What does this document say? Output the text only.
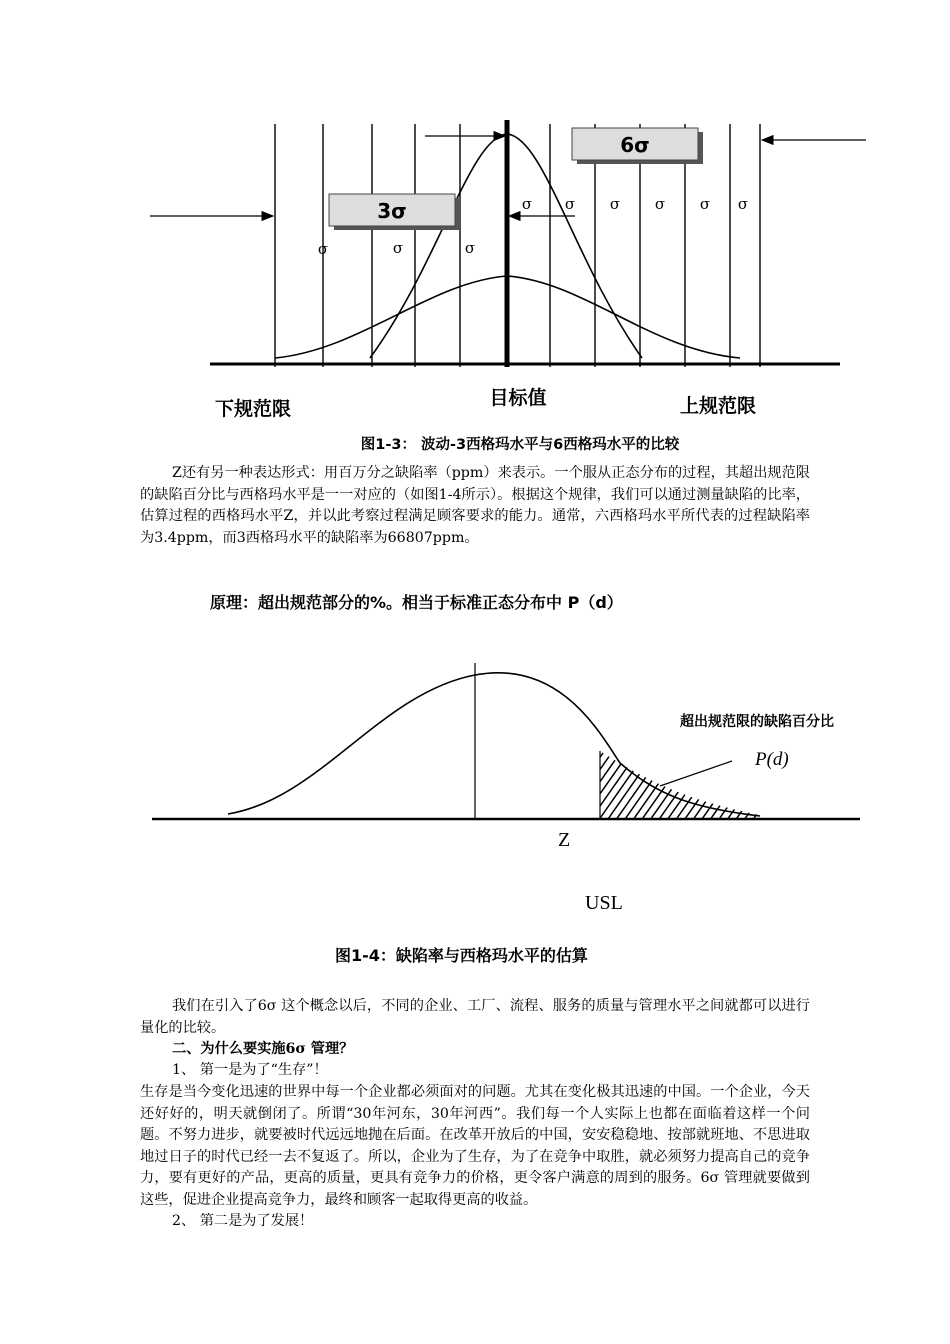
3σ
6σ
σ	σ	σ
σ σ σ σ σ σ
下规范限	目标值	上规范限
图1-3： 波动-3西格玛水平与6西格玛水平的比较

Z还有另一种表达形式：用百万分之缺陷率（ppm）来表示。一个服从正态分布的过程，其超出规范限的缺陷百分比与西格玛水平是一一对应的（如图1-4所示）。根据这个规律，我们可以通过测量缺陷的比率，估算过程的西格玛水平Z，并以此考察过程满足顾客要求的能力。通常，六西格玛水平所代表的过程缺陷率为3.4ppm，而3西格玛水平的缺陷率为66807ppm。

原理：超出规范部分的%。相当于标准正态分布中 P（d）
超出规范限的缺陷百分比
P(d)
Z
USL
图1-4：缺陷率与西格玛水平的估算

我们在引入了6σ 这个概念以后，不同的企业、工厂、流程、服务的质量与管理水平之间就都可以进行量化的比较。

二、为什么要实施6σ 管理？

1、 第一是为了“生存”！

生存是当今变化迅速的世界中每一个企业都必须面对的问题。尤其在变化极其迅速的中国。一个企业，今天还好好的，明天就倒闭了。所谓“30年河东，30年河西”。我们每一个人实际上也都在面临着这样一个问题。不努力进步，就要被时代远远地抛在后面。在改革开放后的中国，安安稳稳地、按部就班地、不思进取地过日子的时代已经一去不复返了。所以，企业为了生存，为了在竞争中取胜，就必须努力提高自己的竞争力，要有更好的产品，更高的质量，更具有竞争力的价格，更令客户满意的周到的服务。6σ 管理就要做到这些，促进企业提高竞争力，最终和顾客一起取得更高的收益。

2、 第二是为了发展！
